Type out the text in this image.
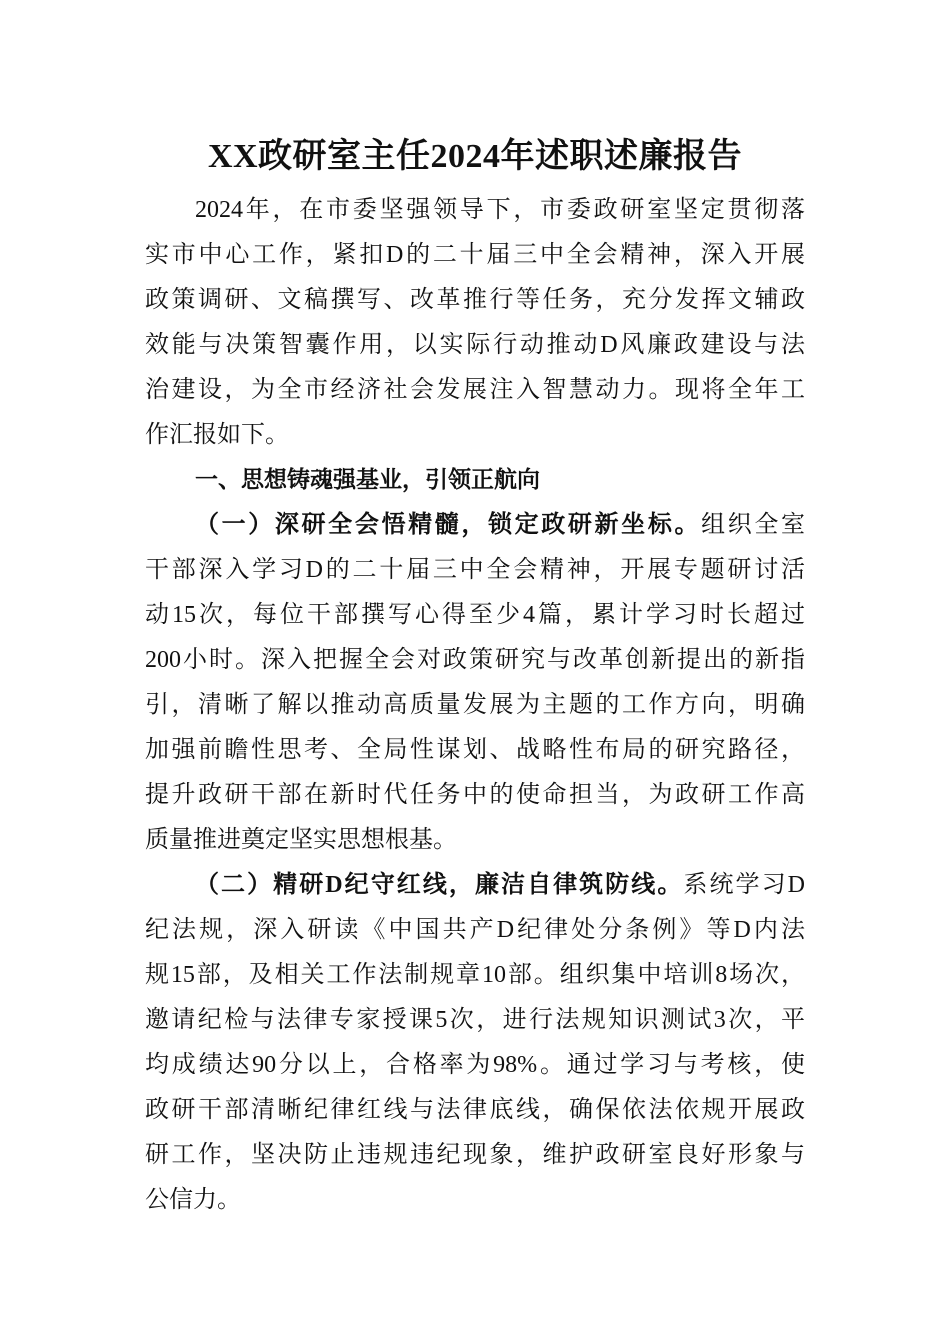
XX政研室主任2024年述职述廉报告
2024年，在市委坚强领导下，市委政研室坚定贯彻落
实市中心工作，紧扣D的二十届三中全会精神，深入开展
政策调研、文稿撰写、改革推行等任务，充分发挥文辅政
效能与决策智囊作用，以实际行动推动D风廉政建设与法
治建设，为全市经济社会发展注入智慧动力。现将全年工
作汇报如下。
一、思想铸魂强基业，引领正航向
（一）深研全会悟精髓，锁定政研新坐标。组织全室
干部深入学习D的二十届三中全会精神，开展专题研讨活
动15次，每位干部撰写心得至少4篇，累计学习时长超过
200小时。深入把握全会对政策研究与改革创新提出的新指
引，清晰了解以推动高质量发展为主题的工作方向，明确
加强前瞻性思考、全局性谋划、战略性布局的研究路径，
提升政研干部在新时代任务中的使命担当，为政研工作高
质量推进奠定坚实思想根基。
（二）精研D纪守红线，廉洁自律筑防线。系统学习D
纪法规，深入研读《中国共产D纪律处分条例》等D内法
规15部，及相关工作法制规章10部。组织集中培训8场次，
邀请纪检与法律专家授课5次，进行法规知识测试3次，平
均成绩达90分以上，合格率为98%。通过学习与考核，使
政研干部清晰纪律红线与法律底线，确保依法依规开展政
研工作，坚决防止违规违纪现象，维护政研室良好形象与
公信力。
